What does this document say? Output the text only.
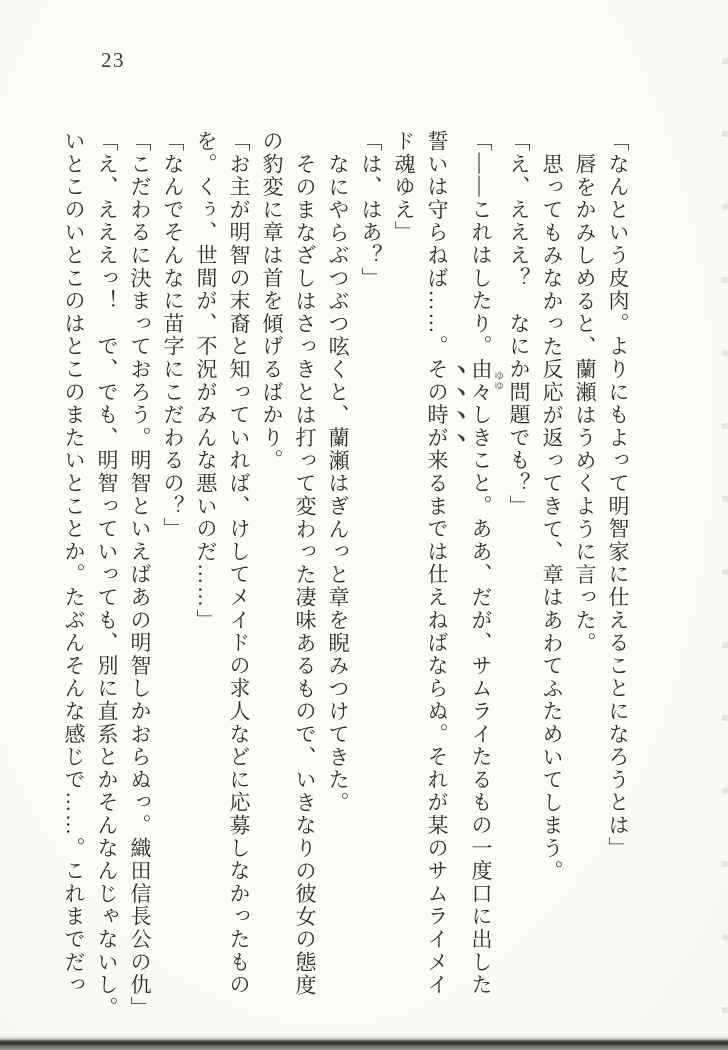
23

「なんという皮肉。よりにもよって明智家に仕えることになろうとは」

唇をかみしめると、蘭瀬はうめくように言った。

思ってもみなかった反応が返ってきて、章はあわてふためいてしまう。

「え、えええ？　なにか問題でも？」

「——これはしたり。由々ゆゆしきこと。ああ、だが、サムライたるもの一度口に出した

誓いは守らねば……。その時が来るまでは仕えねばならぬ。それが某のサムライメイ

ド魂ゆえ」

「は、はあ？」

なにやらぶつぶつ呟くと、蘭瀬はぎんっと章を睨みつけてきた。

そのまなざしはさっきとは打って変わった凄味あるもので、いきなりの彼女の態度

の豹変に章は首を傾げるばかり。

「お主が明智の末裔と知っていれば、けしてメイドの求人などに応募しなかったもの

を。くぅ、世間が、不況がみんな悪いのだ……」

「なんでそんなに苗字にこだわるの？」

「こだわるに決まっておろう。明智といえばあの明智しかおらぬっ。織田信長公の仇」

「え、えええっ！　で、でも、明智っていっても、別に直系とかそんなんじゃないし。

いとこのいとこのはとこのまたいとことか。たぶんそんな感じで……。これまでだっ
